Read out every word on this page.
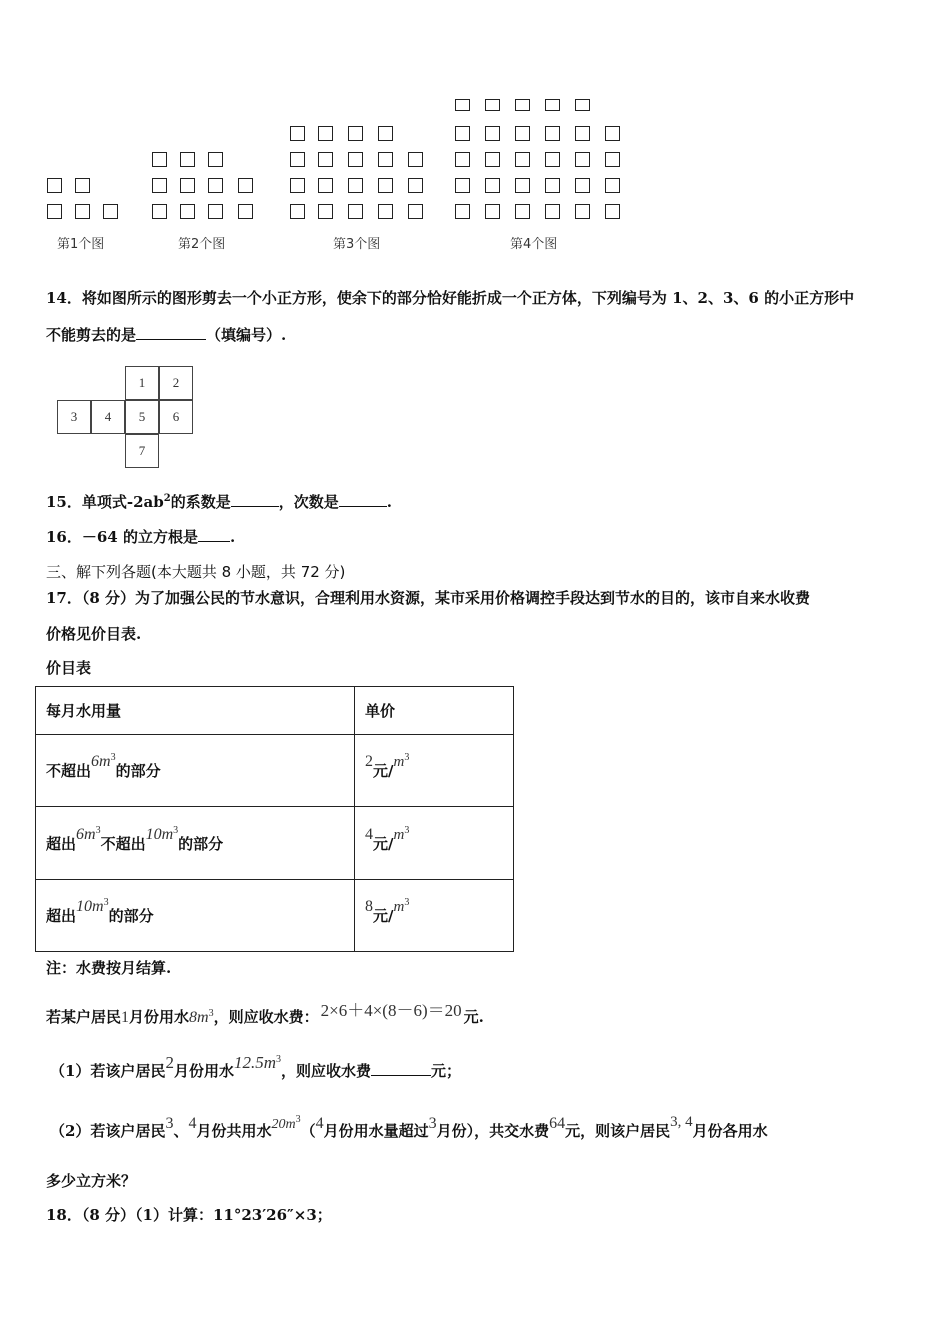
第1个图	第2个图	第3个图	第4个图
14．将如图所示的图形剪去一个小正方形，使余下的部分恰好能折成一个正方体，下列编号为 1、2、3、6 的小正方形中
不能剪去的是	（填编号）.
1	2
3	4	5	6
7
15．单项式$-2ab^2$的系数是	，次数是	.
16．－64 的立方根是 .
三、解下列各题(本大题共 8 小题，共 72 分)
17．（8 分）为了加强公民的节水意识，合理利用水资源，某市采用价格调控手段达到节水的目的，该市自来水收费
价格见价目表.
价目表
每月水用量	单价
不超出$6m^3$的部分	2元$/m^3$
超出$6m^3$不超出$10m^3$的部分	4元$/m^3$
超出$10m^3$的部分	8元$/m^3$
注：水费按月结算.
若某户居民1月份用水$8m^3$，则应收水费： 2×6＋4×(8－6)＝20 元.
（1）若该户居民2月份用水$12.5m^3$，则应收水费	元；
（2）若该户居民3、4月份共用水$20m^3(4$月份用水量超过3月份），共交水费64元，则该户居民3, 4月份各用水
多少立方米？
18．（8 分）（1）计算：11°23′26″×3；
